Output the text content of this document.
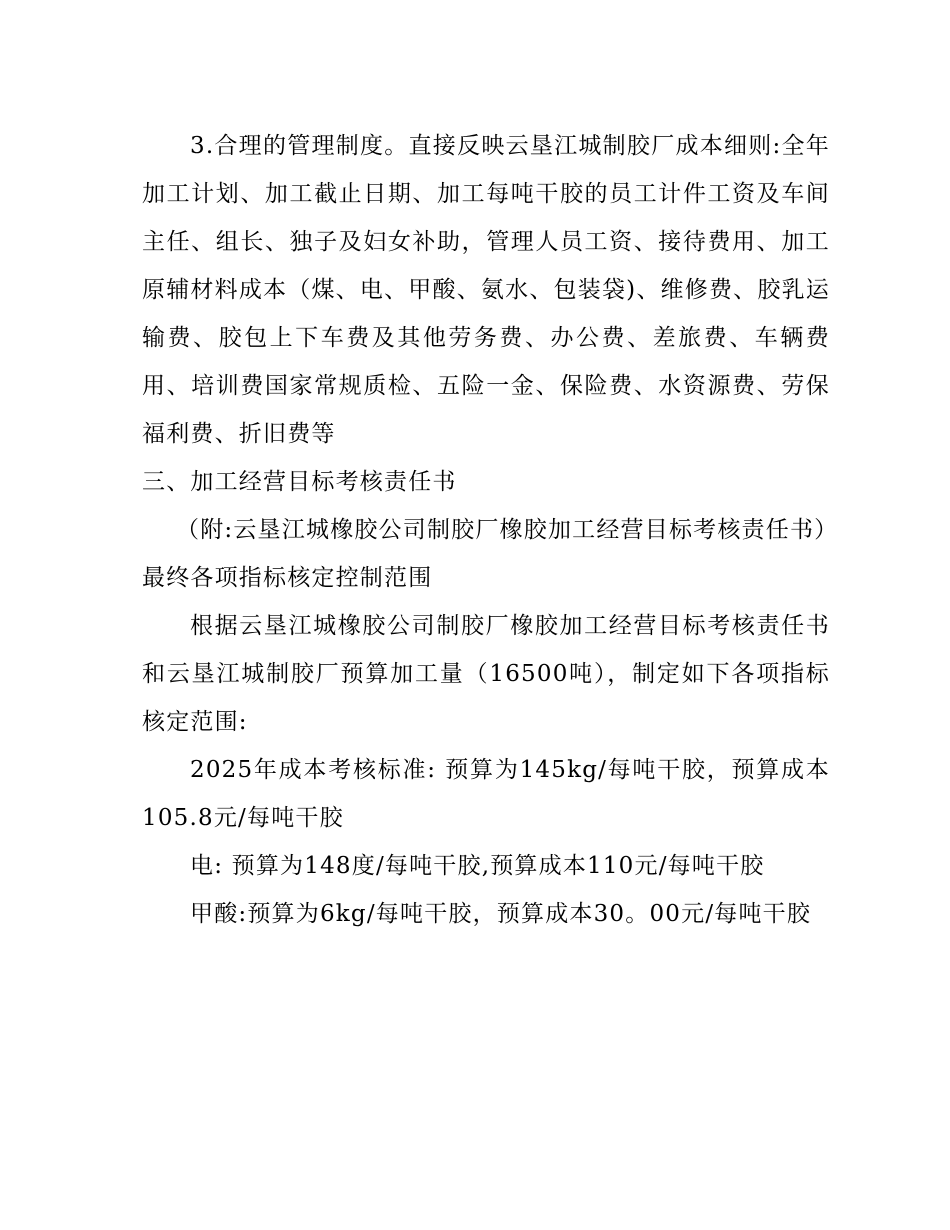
3.合理的管理制度。直接反映云垦江城制胶厂成本细则:全年加工计划、加工截止日期、加工每吨干胶的员工计件工资及车间主任、组长、独子及妇女补助，管理人员工资、接待费用、加工原辅材料成本（煤、电、甲酸、氨水、包装袋)、维修费、胶乳运输费、胶包上下车费及其他劳务费、办公费、差旅费、车辆费用、培训费国家常规质检、五险一金、保险费、水资源费、劳保福利费、折旧费等

三、加工经营目标考核责任书

（附:云垦江城橡胶公司制胶厂橡胶加工经营目标考核责任书）

最终各项指标核定控制范围

根据云垦江城橡胶公司制胶厂橡胶加工经营目标考核责任书和云垦江城制胶厂预算加工量（16500吨），制定如下各项指标核定范围:

2025年成本考核标准: 预算为145kg/每吨干胶，预算成本105.8元/每吨干胶

电: 预算为148度/每吨干胶,预算成本110元/每吨干胶

甲酸:预算为6kg/每吨干胶，预算成本30。00元/每吨干胶
